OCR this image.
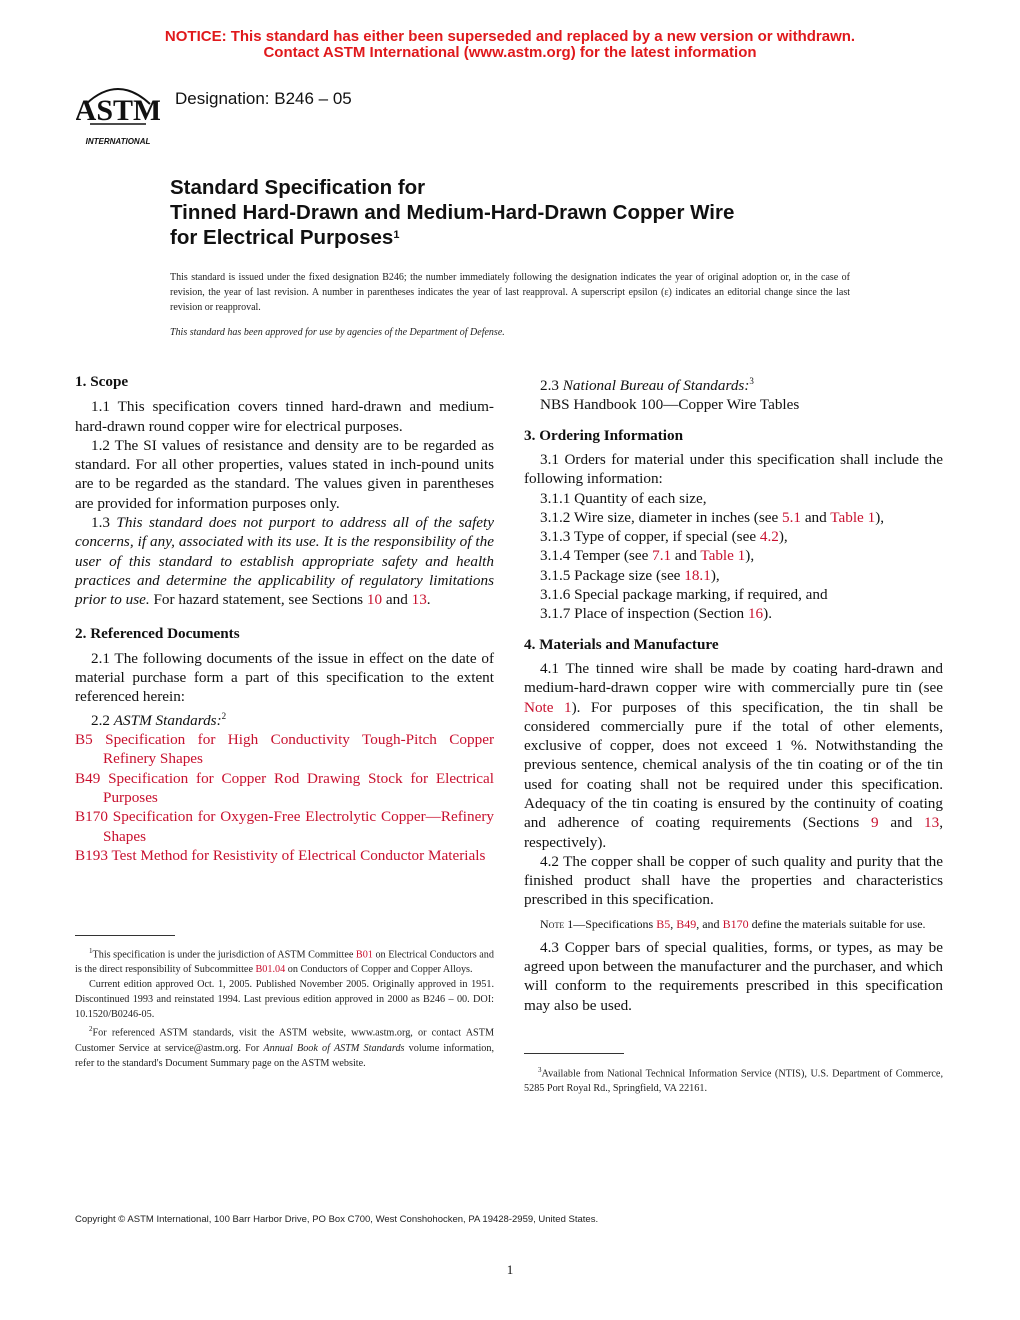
NOTICE: This standard has either been superseded and replaced by a new version or withdrawn.
Contact ASTM International (www.astm.org) for the latest information
ASTM
INTERNATIONAL
Designation: B246 – 05
Standard Specification for
Tinned Hard-Drawn and Medium-Hard-Drawn Copper Wire
for Electrical Purposes$^1$
This standard is issued under the fixed designation B246; the number immediately following the designation indicates the year of original adoption or, in the case of revision, the year of last revision. A number in parentheses indicates the year of last reapproval. A superscript epsilon (ε) indicates an editorial change since the last revision or reapproval.
This standard has been approved for use by agencies of the Department of Defense.

1. Scope

1.1 This specification covers tinned hard-drawn and medium-hard-drawn round copper wire for electrical purposes.

1.2 The SI values of resistance and density are to be regarded as standard. For all other properties, values stated in inch-pound units are to be regarded as the standard. The values given in parentheses are provided for information purposes only.

1.3 This standard does not purport to address all of the safety concerns, if any, associated with its use. It is the responsibility of the user of this standard to establish appropriate safety and health practices and determine the applicability of regulatory limitations prior to use. For hazard statement, see Sections 10 and 13.

2. Referenced Documents

2.1 The following documents of the issue in effect on the date of material purchase form a part of this specification to the extent referenced herein:

2.2 ASTM Standards:$^2$

B5 Specification for High Conductivity Tough-Pitch Copper Refinery Shapes

B49 Specification for Copper Rod Drawing Stock for Electrical Purposes

B170 Specification for Oxygen-Free Electrolytic Copper—Refinery Shapes

B193 Test Method for Resistivity of Electrical Conductor Materials

$^1$This specification is under the jurisdiction of ASTM Committee B01 on Electrical Conductors and is the direct responsibility of Subcommittee B01.04 on Conductors of Copper and Copper Alloys.

Current edition approved Oct. 1, 2005. Published November 2005. Originally approved in 1951. Discontinued 1993 and reinstated 1994. Last previous edition approved in 2000 as B246 – 00. DOI: 10.1520/B0246-05.

$^2$For referenced ASTM standards, visit the ASTM website, www.astm.org, or contact ASTM Customer Service at service@astm.org. For Annual Book of ASTM Standards volume information, refer to the standard's Document Summary page on the ASTM website.

2.3 National Bureau of Standards:$^3$

NBS Handbook 100—Copper Wire Tables

3. Ordering Information

3.1 Orders for material under this specification shall include the following information:

3.1.1 Quantity of each size,

3.1.2 Wire size, diameter in inches (see 5.1 and Table 1),

3.1.3 Type of copper, if special (see 4.2),

3.1.4 Temper (see 7.1 and Table 1),

3.1.5 Package size (see 18.1),

3.1.6 Special package marking, if required, and

3.1.7 Place of inspection (Section 16).

4. Materials and Manufacture

4.1 The tinned wire shall be made by coating hard-drawn and medium-hard-drawn copper wire with commercially pure tin (see Note 1). For purposes of this specification, the tin shall be considered commercially pure if the total of other elements, exclusive of copper, does not exceed 1 %. Notwithstanding the previous sentence, chemical analysis of the tin coating or of the tin used for coating shall not be required under this specification. Adequacy of the tin coating is ensured by the continuity of coating and adherence of coating requirements (Sections 9 and 13, respectively).

4.2 The copper shall be copper of such quality and purity that the finished product shall have the properties and characteristics prescribed in this specification.

Note 1—Specifications B5, B49, and B170 define the materials suitable for use.

4.3 Copper bars of special qualities, forms, or types, as may be agreed upon between the manufacturer and the purchaser, and which will conform to the requirements prescribed in this specification may also be used.

$^3$Available from National Technical Information Service (NTIS), U.S. Department of Commerce, 5285 Port Royal Rd., Springfield, VA 22161.
Copyright © ASTM International, 100 Barr Harbor Drive, PO Box C700, West Conshohocken, PA 19428-2959, United States.
1
